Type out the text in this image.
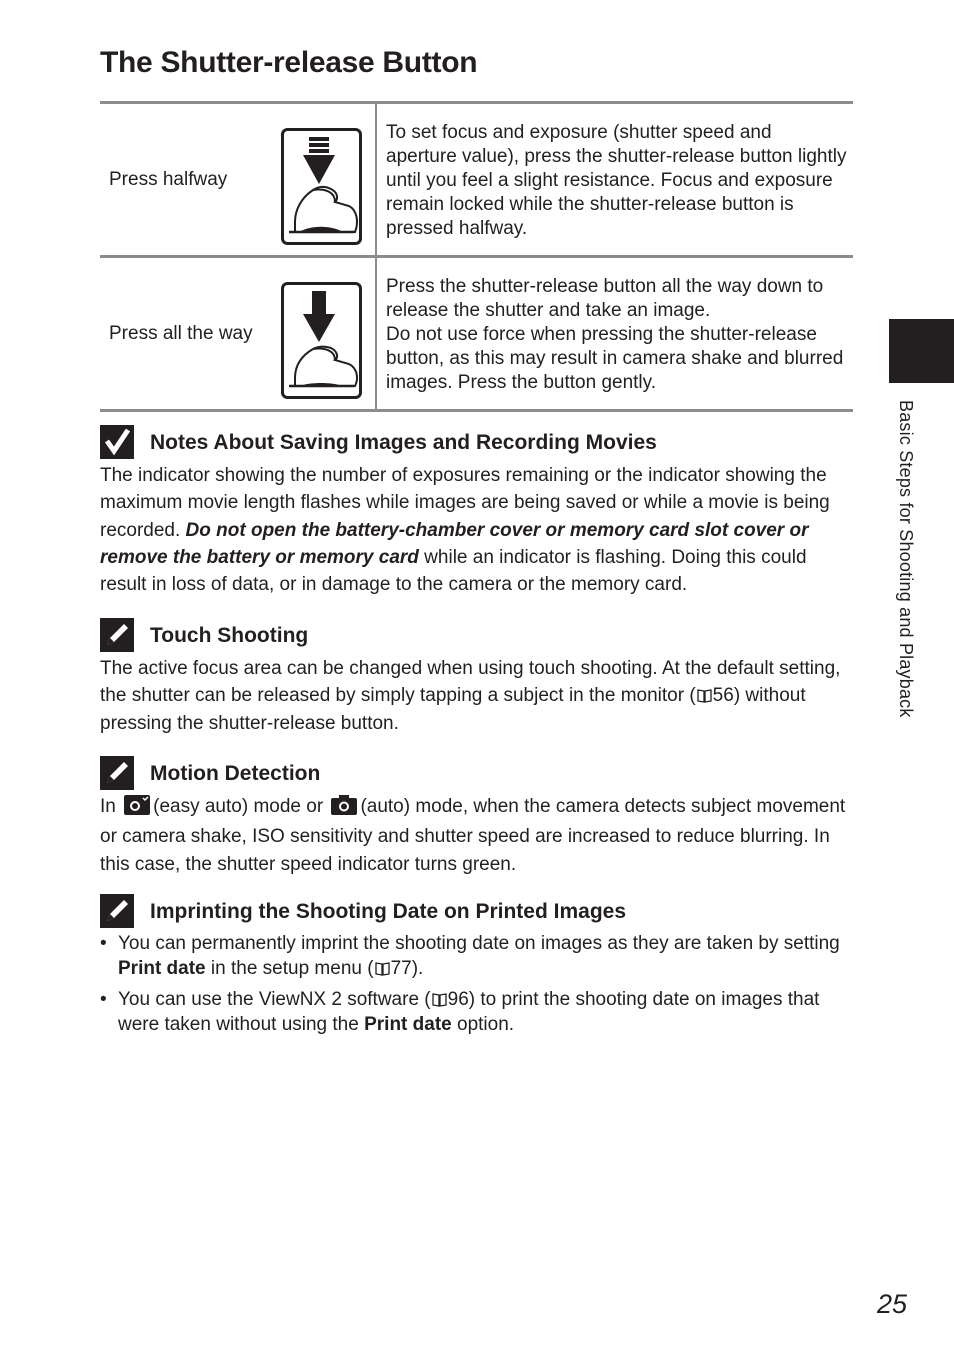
The Shutter-release Button
Press halfway

To set focus and exposure (shutter speed and aperture value), press the shutter-release button lightly until you feel a slight resistance. Focus and exposure remain locked while the shutter-release button is pressed halfway.

Press all the way

Press the shutter-release button all the way down to release the shutter and take an image.

Do not use force when pressing the shutter-release button, as this may result in camera shake and blurred images. Press the button gently.

Notes About Saving Images and Recording Movies

The indicator showing the number of exposures remaining or the indicator showing the maximum movie length flashes while images are being saved or while a movie is being recorded. Do not open the battery-chamber cover or memory card slot cover or remove the battery or memory card while an indicator is flashing. Doing this could result in loss of data, or in damage to the camera or the memory card.

Touch Shooting

The active focus area can be changed when using touch shooting. At the default setting, the shutter can be released by simply tapping a subject in the monitor ( 56) without pressing the shutter-release button.

Motion Detection

In (easy auto) mode or (auto) mode, when the camera detects subject movement or camera shake, ISO sensitivity and shutter speed are increased to reduce blurring. In this case, the shutter speed indicator turns green.

Imprinting the Shooting Date on Printed Images
• You can permanently imprint the shooting date on images as they are taken by setting Print date in the setup menu ( 77).
• You can use the ViewNX 2 software ( 96) to print the shooting date on images that were taken without using the Print date option.
Basic Steps for Shooting and Playback
25
